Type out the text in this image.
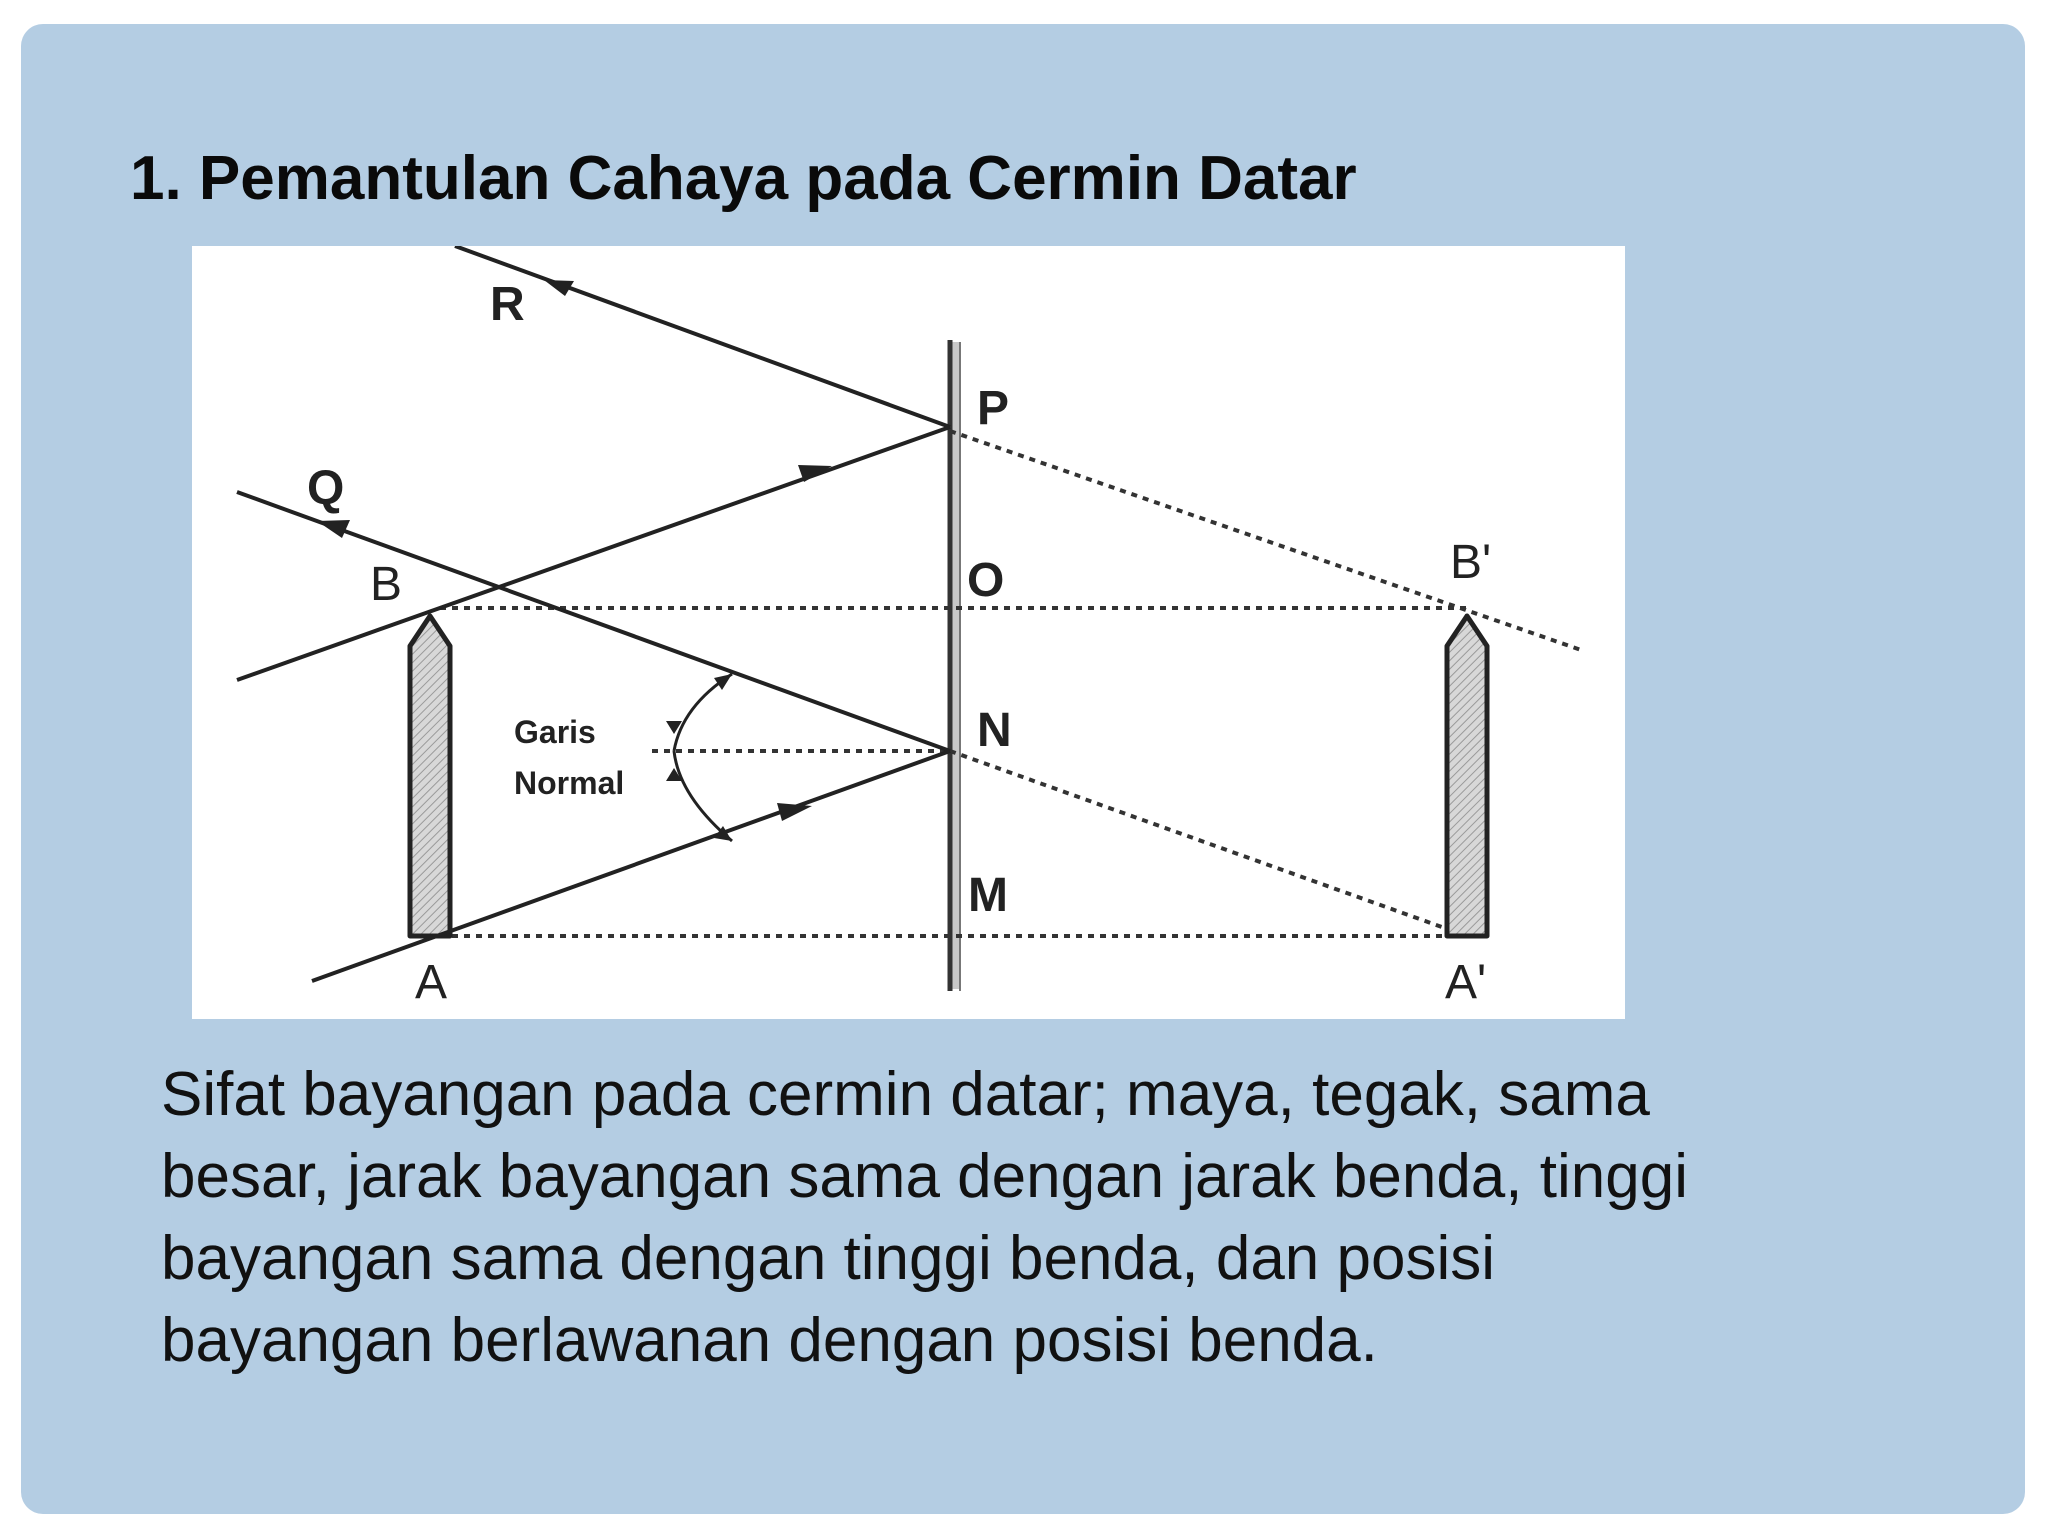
1. Pemantulan Cahaya pada Cermin Datar
R
P
Q
O
B	B'
N
M
A	A'
Garis
Normal

Sifat bayangan pada cermin datar; maya, tegak, sama
besar, jarak bayangan sama dengan jarak benda, tinggi
bayangan sama dengan tinggi benda, dan posisi
bayangan berlawanan dengan posisi benda.
